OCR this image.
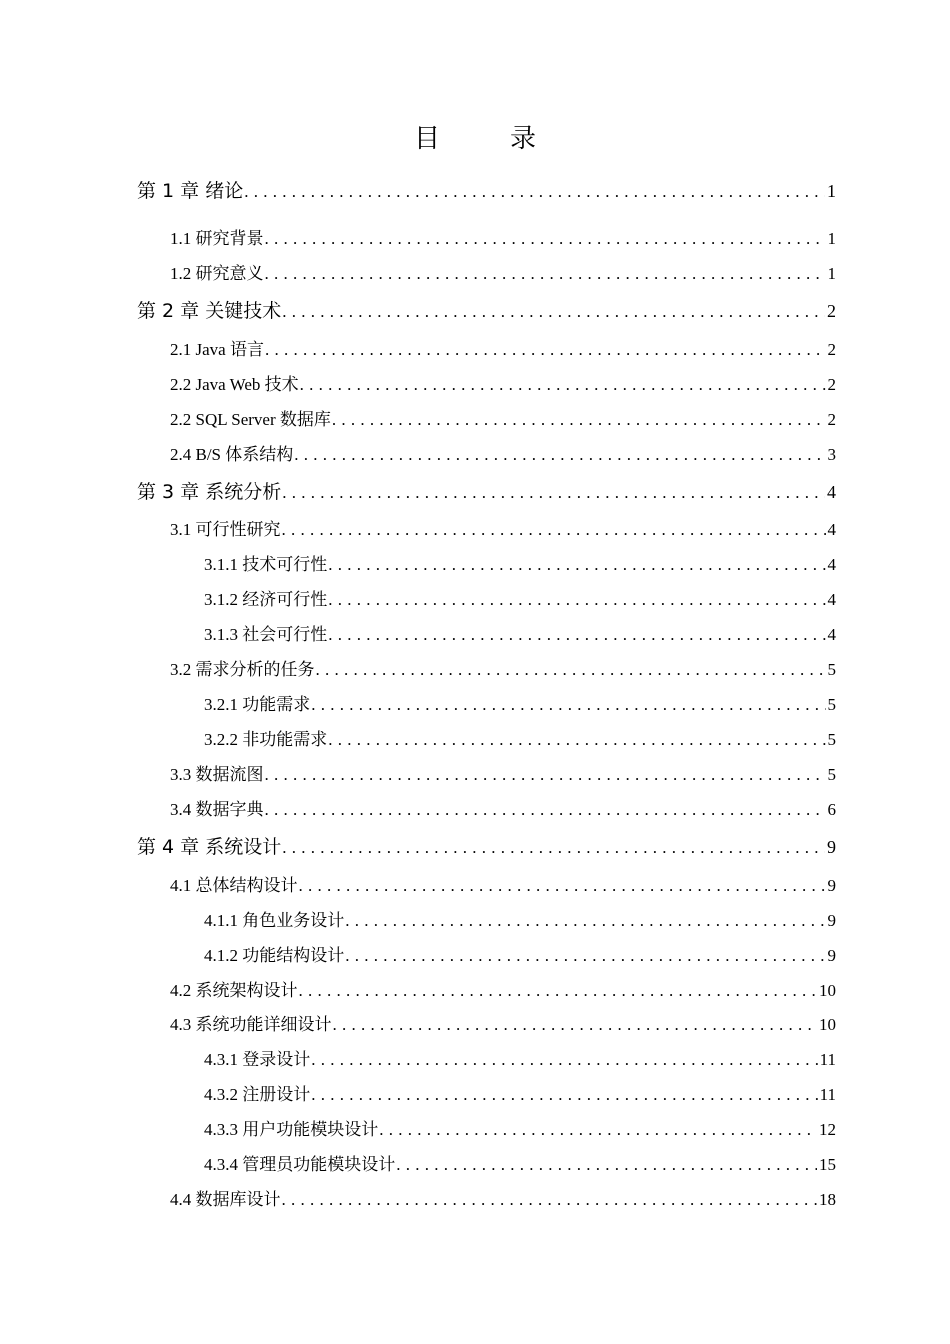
目　录
第 1 章 绪论 . . .	1
1.1 研究背景 . . .	1
1.2 研究意义 . . .	1
第 2 章 关键技术 . . .	2
2.1 Java 语言 . . .	2
2.2 Java Web 技术 . . .	2
2.2 SQL Server 数据库 . . .	2
2.4 B/S 体系结构 . . .	3
第 3 章 系统分析 . . .	4
3.1 可行性研究 . . .	4
3.1.1 技术可行性 . . .	4
3.1.2 经济可行性 . . .	4
3.1.3 社会可行性 . . .	4
3.2 需求分析的任务 . . .	5
3.2.1 功能需求 . . .	5
3.2.2 非功能需求 . . .	5
3.3 数据流图 . . .	5
3.4 数据字典 . . .	6
第 4 章 系统设计 . . .	9
4.1 总体结构设计 . . .	9
4.1.1 角色业务设计 . . .	9
4.1.2 功能结构设计 . . .	9
4.2 系统架构设计 . . .	10
4.3 系统功能详细设计 . . .	10
4.3.1 登录设计 . . .	11
4.3.2 注册设计 . . .	11
4.3.3 用户功能模块设计 . . .	12
4.3.4 管理员功能模块设计 . . .	15
4.4 数据库设计 . . .	18
